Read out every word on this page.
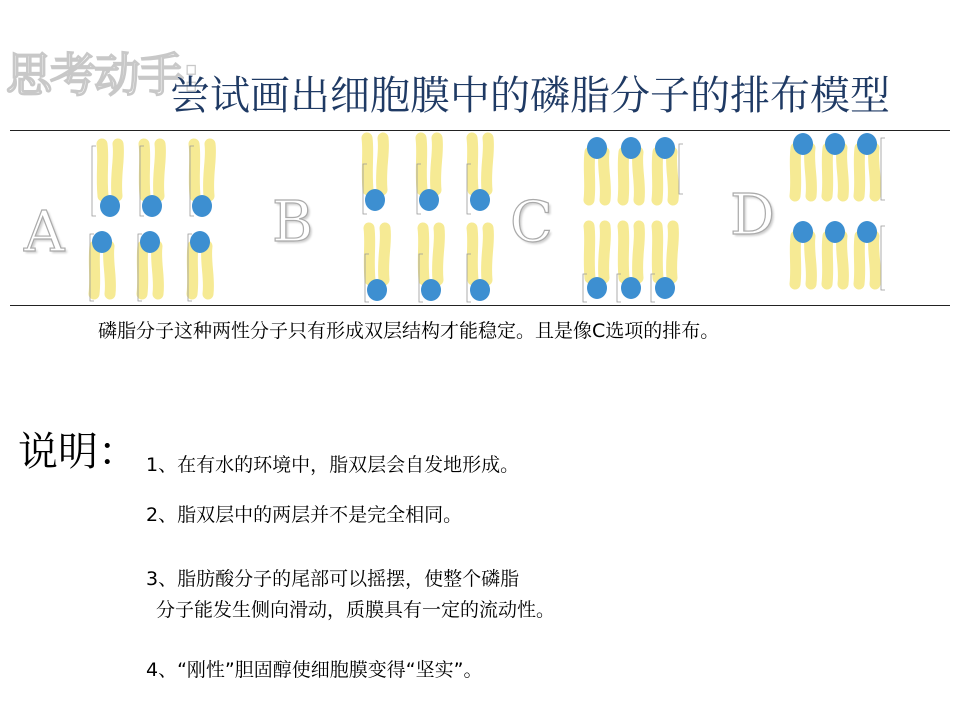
思考动手:
尝试画出细胞膜中的磷脂分子的排布模型
A	B	C	D
磷脂分子这种两性分子只有形成双层结构才能稳定。且是像C选项的排布。
说明： 1、在有水的环境中，脂双层会自发地形成。
2、脂双层中的两层并不是完全相同。
3、脂肪酸分子的尾部可以摇摆，使整个磷脂
分子能发生侧向滑动，质膜具有一定的流动性。
4、“刚性”胆固醇使细胞膜变得“坚实”。
